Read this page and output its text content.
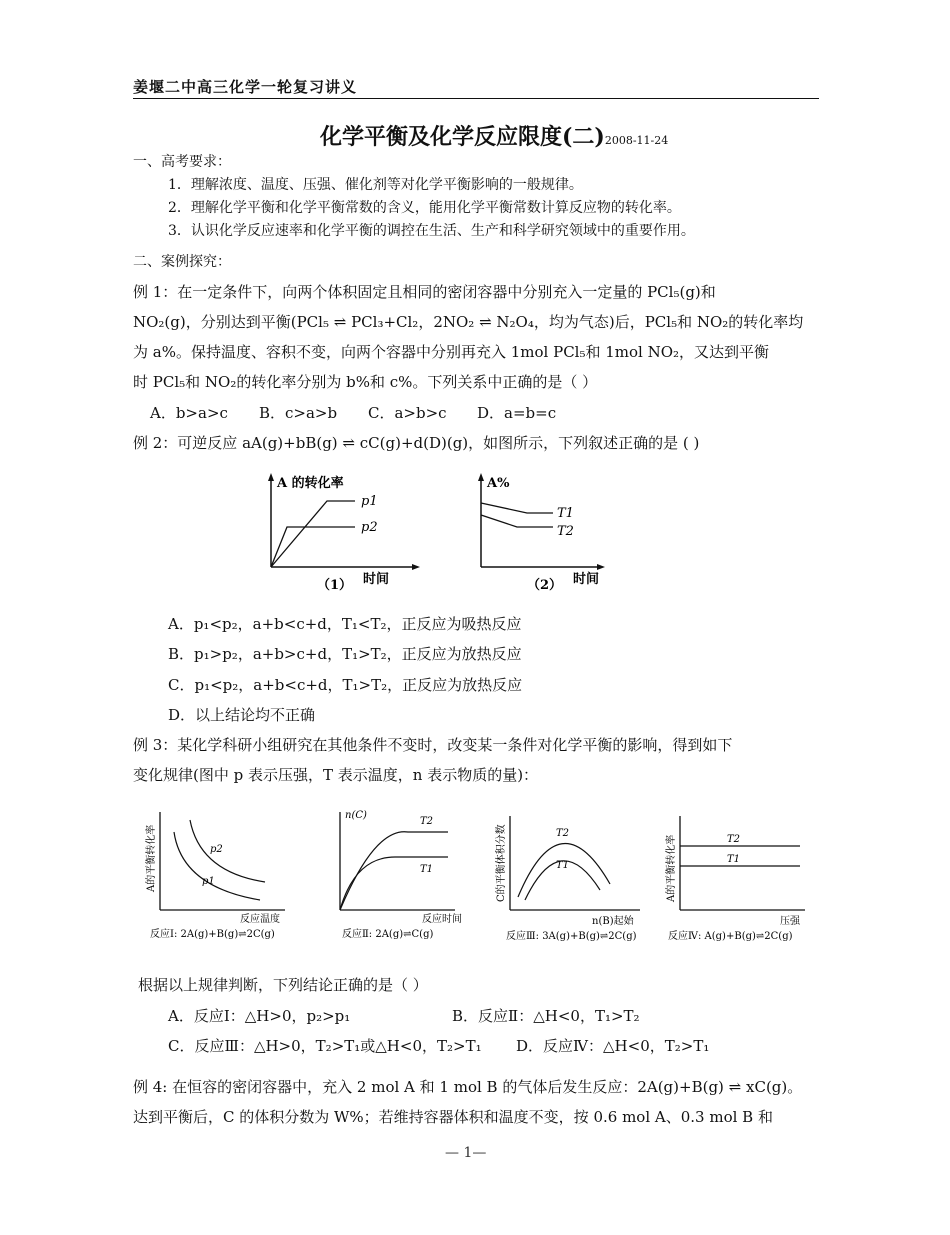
姜堰二中高三化学一轮复习讲义
化学平衡及化学反应限度(二)2008-11-24
一、高考要求：
1．理解浓度、温度、压强、催化剂等对化学平衡影响的一般规律。
2．理解化学平衡和化学平衡常数的含义，能用化学平衡常数计算反应物的转化率。
3．认识化学反应速率和化学平衡的调控在生活、生产和科学研究领域中的重要作用。
二、案例探究：
例 1：在一定条件下，向两个体积固定且相同的密闭容器中分别充入一定量的 PCl₅(g)和
NO₂(g)，分别达到平衡(PCl₅ ⇌ PCl₃+Cl₂，2NO₂ ⇌ N₂O₄，均为气态)后，PCl₅和 NO₂的转化率均
为 a%。保持温度、容积不变，向两个容器中分别再充入 1mol PCl₅和 1mol NO₂，又达到平衡
时 PCl₅和 NO₂的转化率分别为 b%和 c%。下列关系中正确的是（ ）
A．b>a>c B．c>a>b C．a>b>c D．a=b=c
例 2：可逆反应 aA(g)+bB(g) ⇌ cC(g)+d(D)(g)，如图所示，下列叙述正确的是 ( )
A 的转化率
p1
p2
（1） 时间
A%
T1
T2
（2） 时间
A．p₁<p₂，a+b<c+d，T₁<T₂，正反应为吸热反应
B．p₁>p₂，a+b>c+d，T₁>T₂，正反应为放热反应
C．p₁<p₂，a+b<c+d，T₁>T₂，正反应为放热反应
D．以上结论均不正确
例 3：某化学科研小组研究在其他条件不变时，改变某一条件对化学平衡的影响，得到如下
变化规律(图中 p 表示压强，T 表示温度，n 表示物质的量)：
A的平衡转化率	p2
p1
反应温度
反应Ⅰ: 2A(g)+B(g)⇌2C(g)
n(C)
T2
T1
反应时间
反应Ⅱ: 2A(g)⇌C(g)
C的平衡体积分数	T2
T1
n(B)起始
反应Ⅲ: 3A(g)+B(g)⇌2C(g)
A的平衡转化率	T2
T1
压强
反应Ⅳ: A(g)+B(g)⇌2C(g)
根据以上规律判断，下列结论正确的是（ ）
A．反应Ⅰ：△H>0，p₂>p₁	B．反应Ⅱ：△H<0，T₁>T₂
C．反应Ⅲ：△H>0，T₂>T₁或△H<0，T₂>T₁ D．反应Ⅳ：△H<0，T₂>T₁
例 4: 在恒容的密闭容器中，充入 2 mol A 和 1 mol B 的气体后发生反应：2A(g)+B(g) ⇌ xC(g)。
达到平衡后，C 的体积分数为 W%；若维持容器体积和温度不变，按 0.6 mol A、0.3 mol B 和
— 1—
